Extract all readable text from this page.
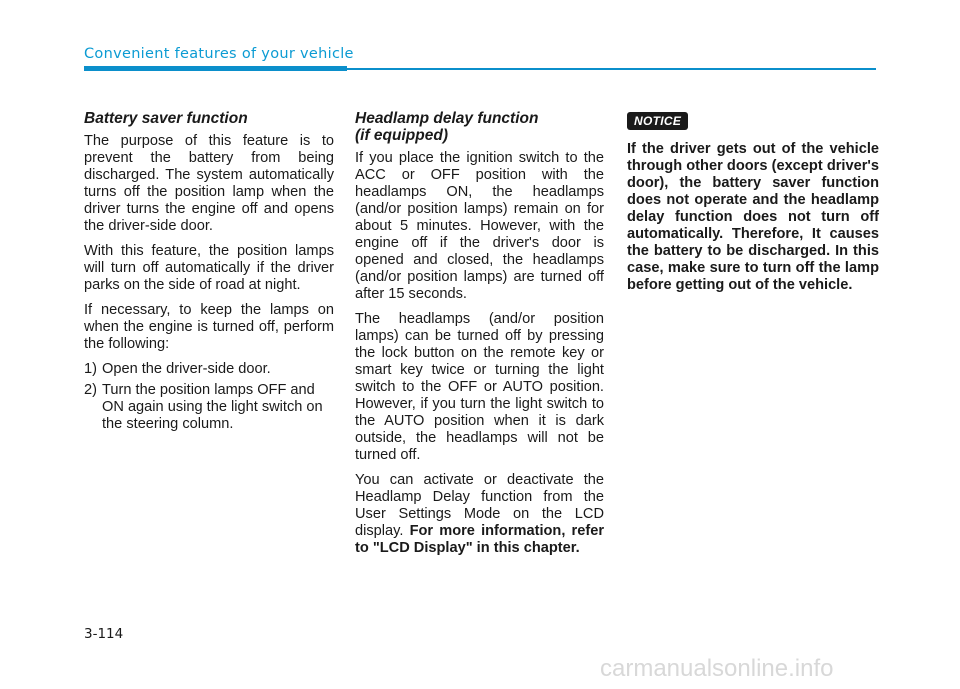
Convenient features of your vehicle
Battery saver function

The purpose of this feature is to prevent the battery from being discharged. The system automatically turns off the position lamp when the driver turns the engine off and opens the driver-side door.

With this feature, the position lamps will turn off automatically if the driver parks on the side of road at night.

If necessary, to keep the lamps on when the engine is turned off, perform the following:

1) Open the driver-side door.
2) Turn the position lamps OFF and ON again using the light switch on the steering column.
Headlamp delay function
(if equipped)

If you place the ignition switch to the ACC or OFF position with the headlamps ON, the headlamps (and/or position lamps) remain on for about 5 minutes. However, with the engine off if the driver's door is opened and closed, the headlamps (and/or position lamps) are turned off after 15 seconds.

The headlamps (and/or position lamps) can be turned off by pressing the lock button on the remote key or smart key twice or turning the light switch to the OFF or AUTO position. However, if you turn the light switch to the AUTO position when it is dark outside, the headlamps will not be turned off.

You can activate or deactivate the Headlamp Delay function from the User Settings Mode on the LCD display. For more information, refer to "LCD Display" in this chapter.

NOTICE

If the driver gets out of the vehicle through other doors (except driver's door), the battery saver function does not operate and the headlamp delay function does not turn off automatically. Therefore, It causes the battery to be discharged. In this case, make sure to turn off the lamp before getting out of the vehicle.

3-114
carmanualsonline.info
